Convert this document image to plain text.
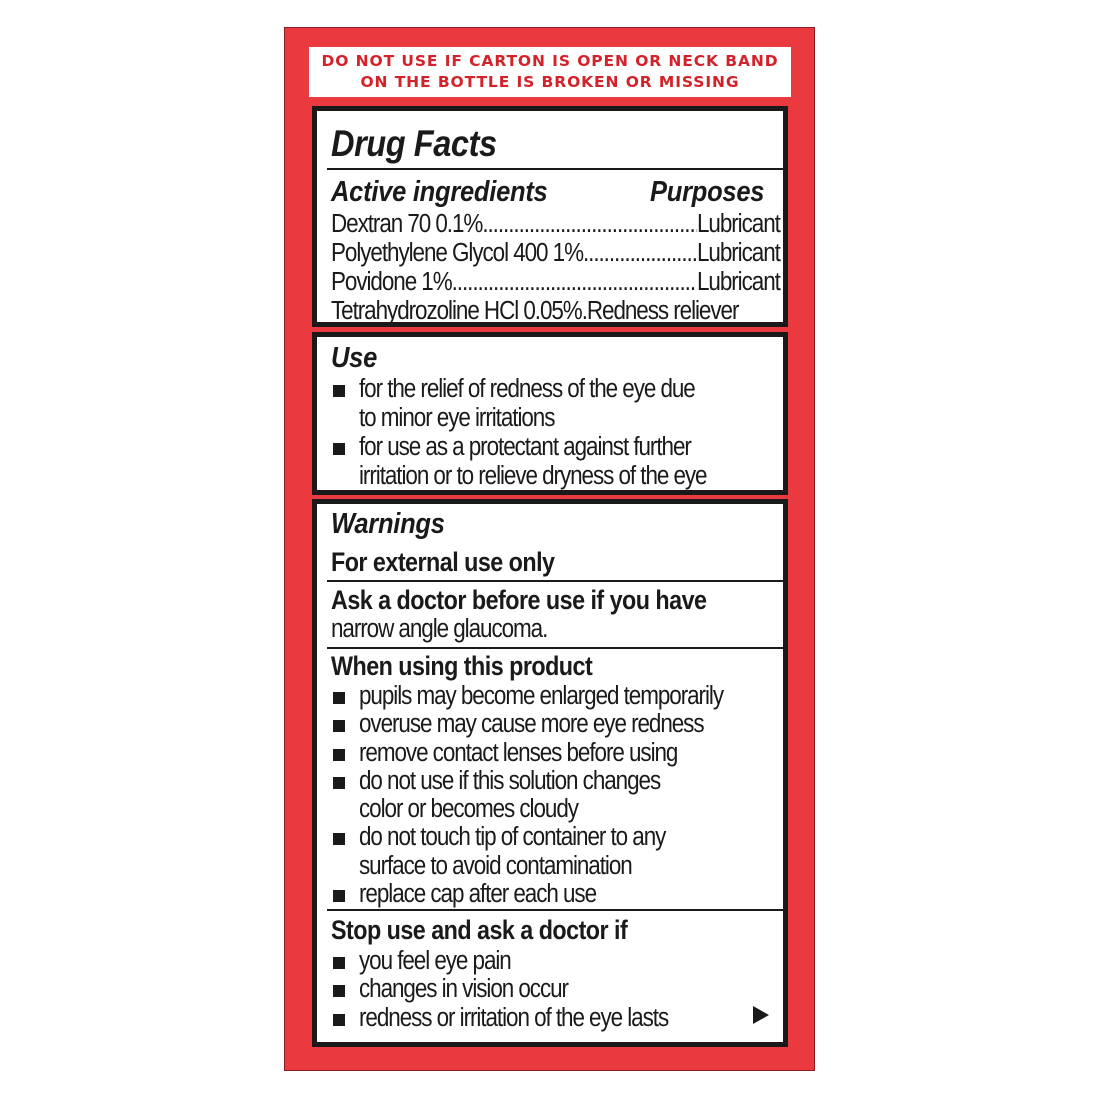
DO NOT USE IF CARTON IS OPEN OR NECK BAND
ON THE BOTTLE IS BROKEN OR MISSING
Drug Facts
Active ingredients	Purposes
Dextran 70 0.1% .....	Lubricant
Polyethylene Glycol 400 1% .....	Lubricant
Povidone 1% .....	Lubricant
Tetrahydrozoline HCl 0.05%. Redness reliever
Use
for the relief of redness of the eye due
to minor eye irritations
for use as a protectant against further
irritation or to relieve dryness of the eye
Warnings
For external use only
Ask a doctor before use if you have
narrow angle glaucoma.
When using this product
pupils may become enlarged temporarily
overuse may cause more eye redness
remove contact lenses before using
do not use if this solution changes
color or becomes cloudy
do not touch tip of container to any
surface to avoid contamination
replace cap after each use
Stop use and ask a doctor if
you feel eye pain
changes in vision occur
redness or irritation of the eye lasts
